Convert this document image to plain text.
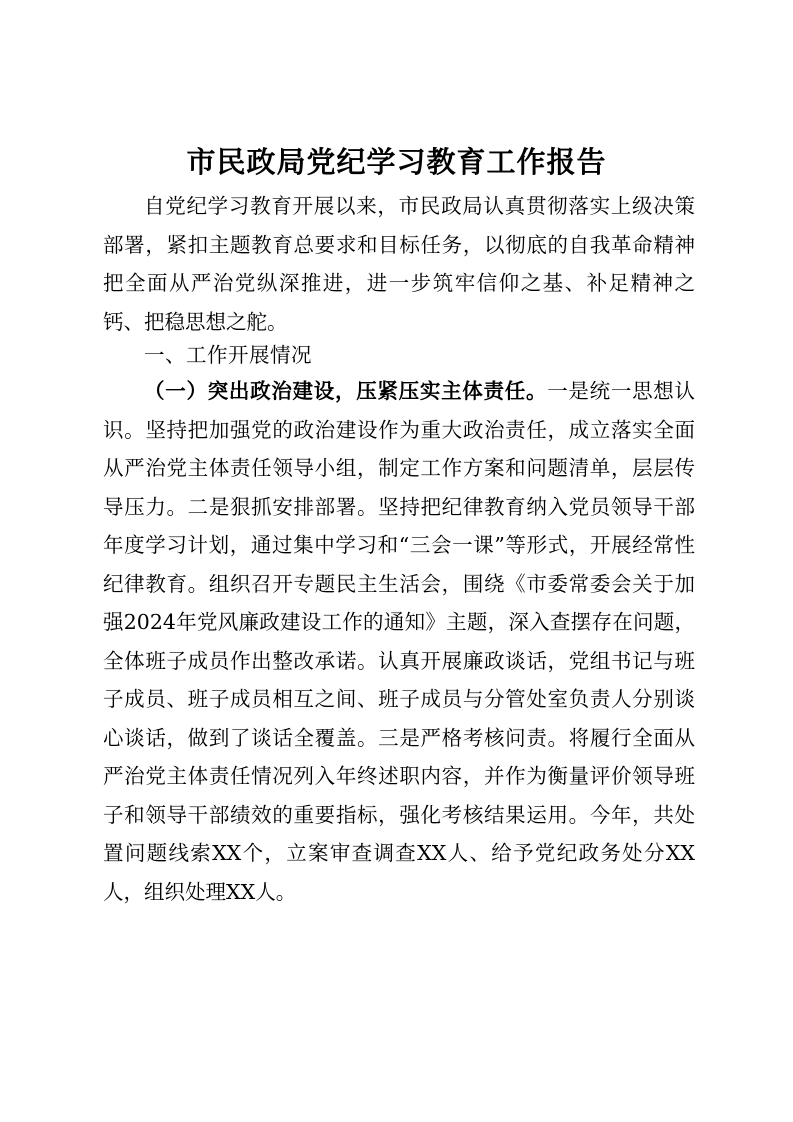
市民政局党纪学习教育工作报告
自党纪学习教育开展以来，市民政局认真贯彻落实上级决策部署，紧扣主题教育总要求和目标任务，以彻底的自我革命精神把全面从严治党纵深推进，进一步筑牢信仰之基、补足精神之钙、把稳思想之舵。
一、工作开展情况
（一）突出政治建设，压紧压实主体责任。一是统一思想认识。坚持把加强党的政治建设作为重大政治责任，成立落实全面从严治党主体责任领导小组，制定工作方案和问题清单，层层传导压力。二是狠抓安排部署。坚持把纪律教育纳入党员领导干部年度学习计划，通过集中学习和“三会一课”等形式，开展经常性纪律教育。组织召开专题民主生活会，围绕《市委常委会关于加强2024年党风廉政建设工作的通知》主题，深入查摆存在问题，全体班子成员作出整改承诺。认真开展廉政谈话，党组书记与班子成员、班子成员相互之间、班子成员与分管处室负责人分别谈心谈话，做到了谈话全覆盖。三是严格考核问责。将履行全面从严治党主体责任情况列入年终述职内容，并作为衡量评价领导班子和领导干部绩效的重要指标，强化考核结果运用。今年，共处置问题线索XX个，立案审查调查XX人、给予党纪政务处分XX人，组织处理XX人。
